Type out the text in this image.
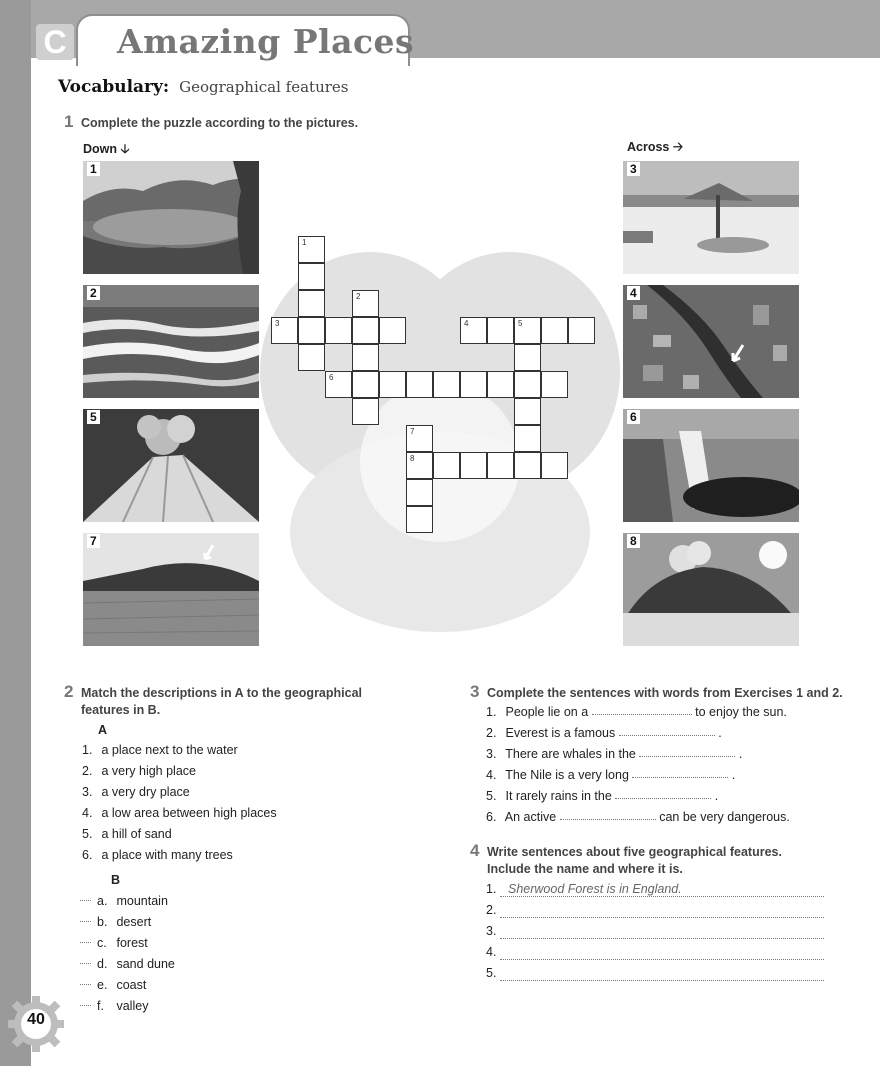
C Amazing Places
Vocabulary: Geographical features
1 Complete the puzzle according to the pictures.
Down 🡣	Across 🡢
1
2
5
7
3
4
6
8
1
2
3	4	5
6
7
8
2 Match the descriptions in A to the geographical
features in B.
A
1. a place next to the water
2. a very high place
3. a very dry place
4. a low area between high places
5. a hill of sand
6. a place with many trees
B
a. mountain
b. desert
c. forest
d. sand dune
e. coast
f. valley
3 Complete the sentences with words from Exercises 1 and 2.
1. People lie on a	to enjoy the sun.
2. Everest is a famous	.
3. There are whales in the	.
4. The Nile is a very long	.
5. It rarely rains in the	.
6. An active	can be very dangerous.
4 Write sentences about five geographical features.
Include the name and where it is.
1. Sherwood Forest is in England.
2.
3.
4.
5.
40
